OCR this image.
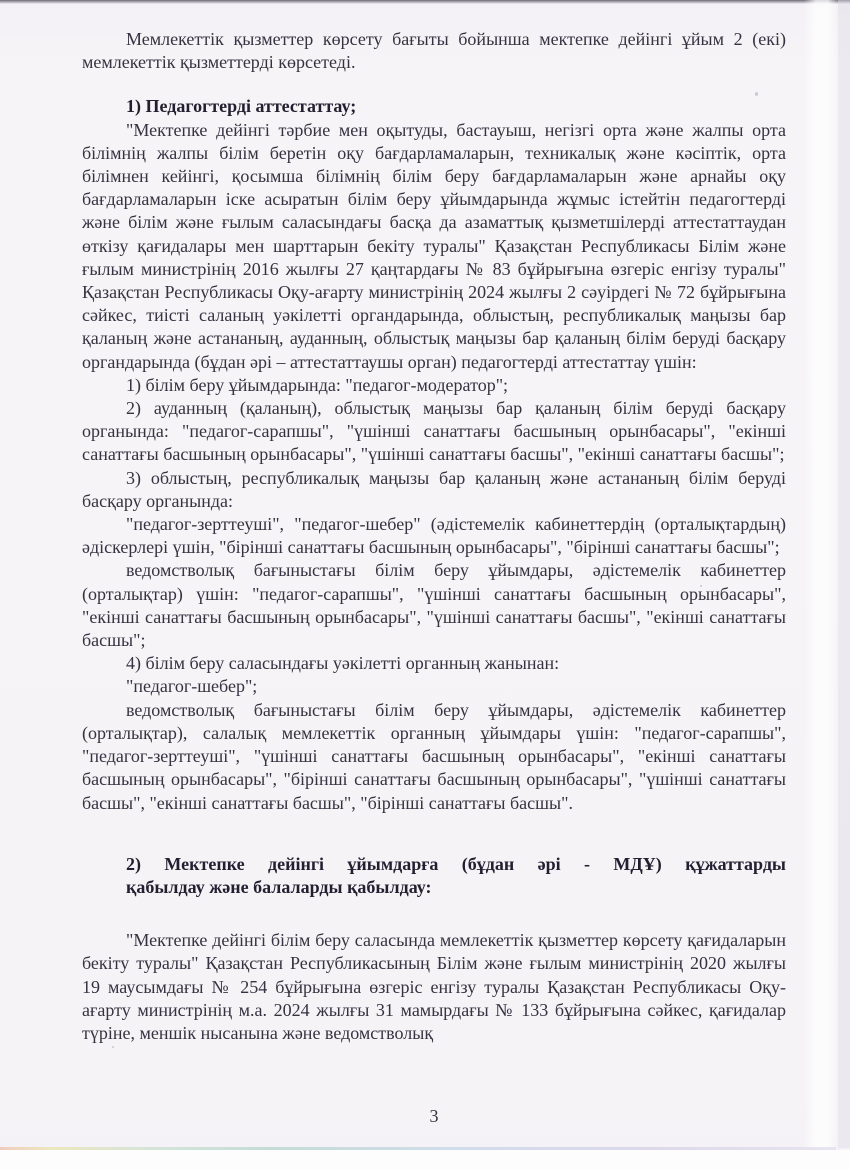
Мемлекеттік қызметтер көрсету бағыты бойынша мектепке дейінгі ұйым 2 (екі) мемлекеттік қызметтерді көрсетеді.

1) Педагогтерді аттестаттау;

"Мектепке дейінгі тәрбие мен оқытуды, бастауыш, негізгі орта және жалпы орта білімнің жалпы білім беретін оқу бағдарламаларын, техникалық және кәсіптік, орта білімнен кейінгі, қосымша білімнің білім беру бағдарламаларын және арнайы оқу бағдарламаларын іске асыратын білім беру ұйымдарында жұмыс істейтін педагогтерді және білім және ғылым саласындағы басқа да азаматтық қызметшілерді аттестаттаудан өткізу қағидалары мен шарттарын бекіту туралы" Қазақстан Республикасы Білім және ғылым министрінің 2016 жылғы 27 қаңтардағы № 83 бұйрығына өзгеріс енгізу туралы" Қазақстан Республикасы Оқу-ағарту министрінің 2024 жылғы 2 сәуірдегі № 72 бұйрығына сәйкес, тиісті саланың уәкілетті органдарында, облыстың, республикалық маңызы бар қаланың және астананың, ауданның, облыстық маңызы бар қаланың білім беруді басқару органдарында (бұдан әрі – аттестаттаушы орган) педагогтерді аттестаттау үшін:

1) білім беру ұйымдарында: "педагог-модератор";

2) ауданның (қаланың), облыстық маңызы бар қаланың білім беруді басқару органында: "педагог-сарапшы", "үшінші санаттағы басшының орынбасары", "екінші санаттағы басшының орынбасары", "үшінші санаттағы басшы", "екінші санаттағы басшы";

3) облыстың, республикалық маңызы бар қаланың және астананың білім беруді басқару органында:

"педагог-зерттеуші", "педагог-шебер" (әдістемелік кабинеттердің (орталықтардың) әдіскерлері үшін, "бірінші санаттағы басшының орынбасары", "бірінші санаттағы басшы";

ведомстволық бағыныстағы білім беру ұйымдары, әдістемелік кабинеттер (орталықтар) үшін: "педагог-сарапшы", "үшінші санаттағы басшының орынбасары", "екінші санаттағы басшының орынбасары", "үшінші санаттағы басшы", "екінші санаттағы басшы";

4) білім беру саласындағы уәкілетті органның жанынан:

"педагог-шебер";

ведомстволық бағыныстағы білім беру ұйымдары, әдістемелік кабинеттер (орталықтар), салалық мемлекеттік органның ұйымдары үшін: "педагог-сарапшы", "педагог-зерттеуші", "үшінші санаттағы басшының орынбасары", "екінші санаттағы басшының орынбасары", "бірінші санаттағы басшының орынбасары", "үшінші санаттағы басшы", "екінші санаттағы басшы", "бірінші санаттағы басшы".

2) Мектепке дейінгі ұйымдарға (бұдан әрі - МДҰ) құжаттарды
қабылдау және балаларды қабылдау:

"Мектепке дейінгі білім беру саласында мемлекеттік қызметтер көрсету қағидаларын бекіту туралы" Қазақстан Республикасының Білім және ғылым министрінің 2020 жылғы 19 маусымдағы № 254 бұйрығына өзгеріс енгізу туралы Қазақстан Республикасы Оқу-ағарту министрінің м.а. 2024 жылғы 31 мамырдағы № 133 бұйрығына сәйкес, қағидалар түріне, меншік нысанына және ведомстволық

3
